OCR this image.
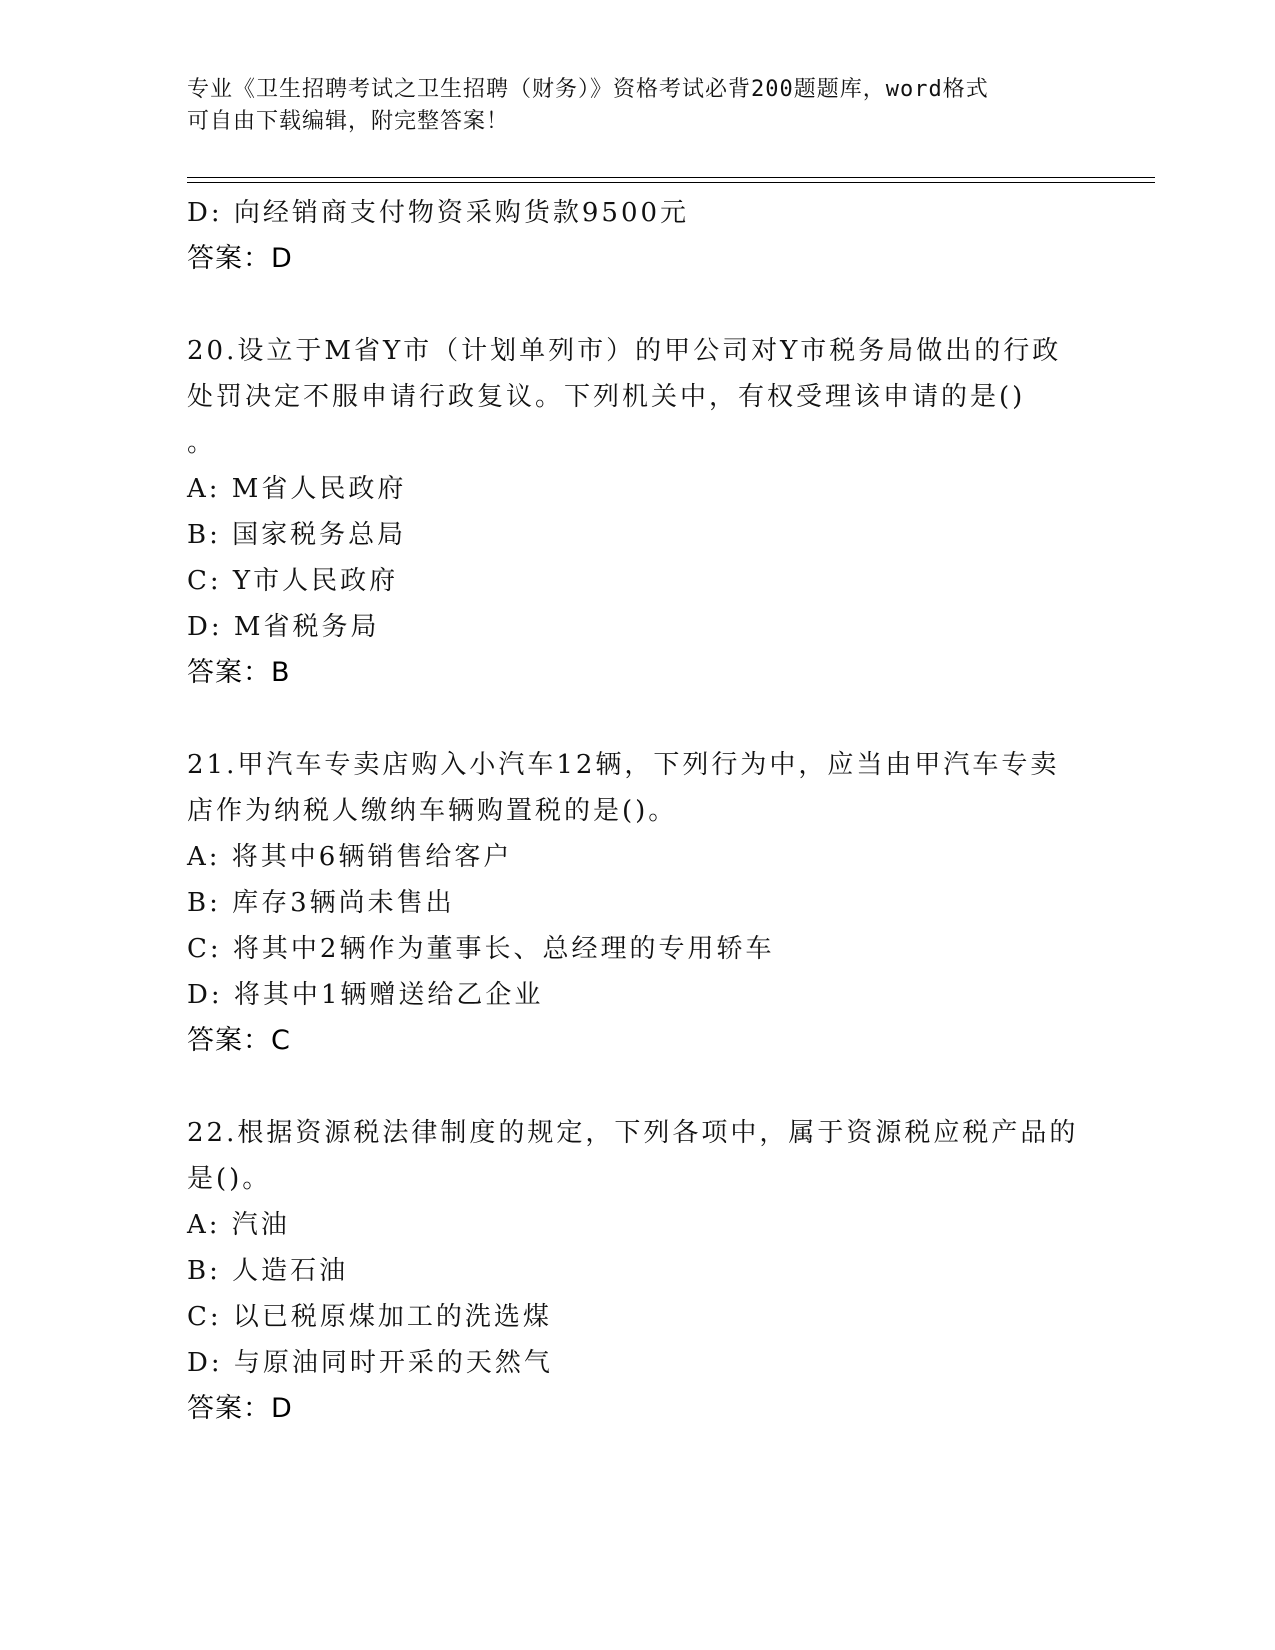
专业《卫生招聘考试之卫生招聘（财务）》资格考试必背200题题库，word格式
可自由下载编辑，附完整答案！
D: 向经销商支付物资采购货款9500元
答案：D
20.设立于M省Y市（计划单列市）的甲公司对Y市税务局做出的行政
处罚决定不服申请行政复议。下列机关中，有权受理该申请的是()
。
A: M省人民政府
B: 国家税务总局
C: Y市人民政府
D: M省税务局
答案：B
21.甲汽车专卖店购入小汽车12辆，下列行为中，应当由甲汽车专卖
店作为纳税人缴纳车辆购置税的是()。
A: 将其中6辆销售给客户
B: 库存3辆尚未售出
C: 将其中2辆作为董事长、总经理的专用轿车
D: 将其中1辆赠送给乙企业
答案：C
22.根据资源税法律制度的规定，下列各项中，属于资源税应税产品的
是()。
A: 汽油
B: 人造石油
C: 以已税原煤加工的洗选煤
D: 与原油同时开采的天然气
答案：D
